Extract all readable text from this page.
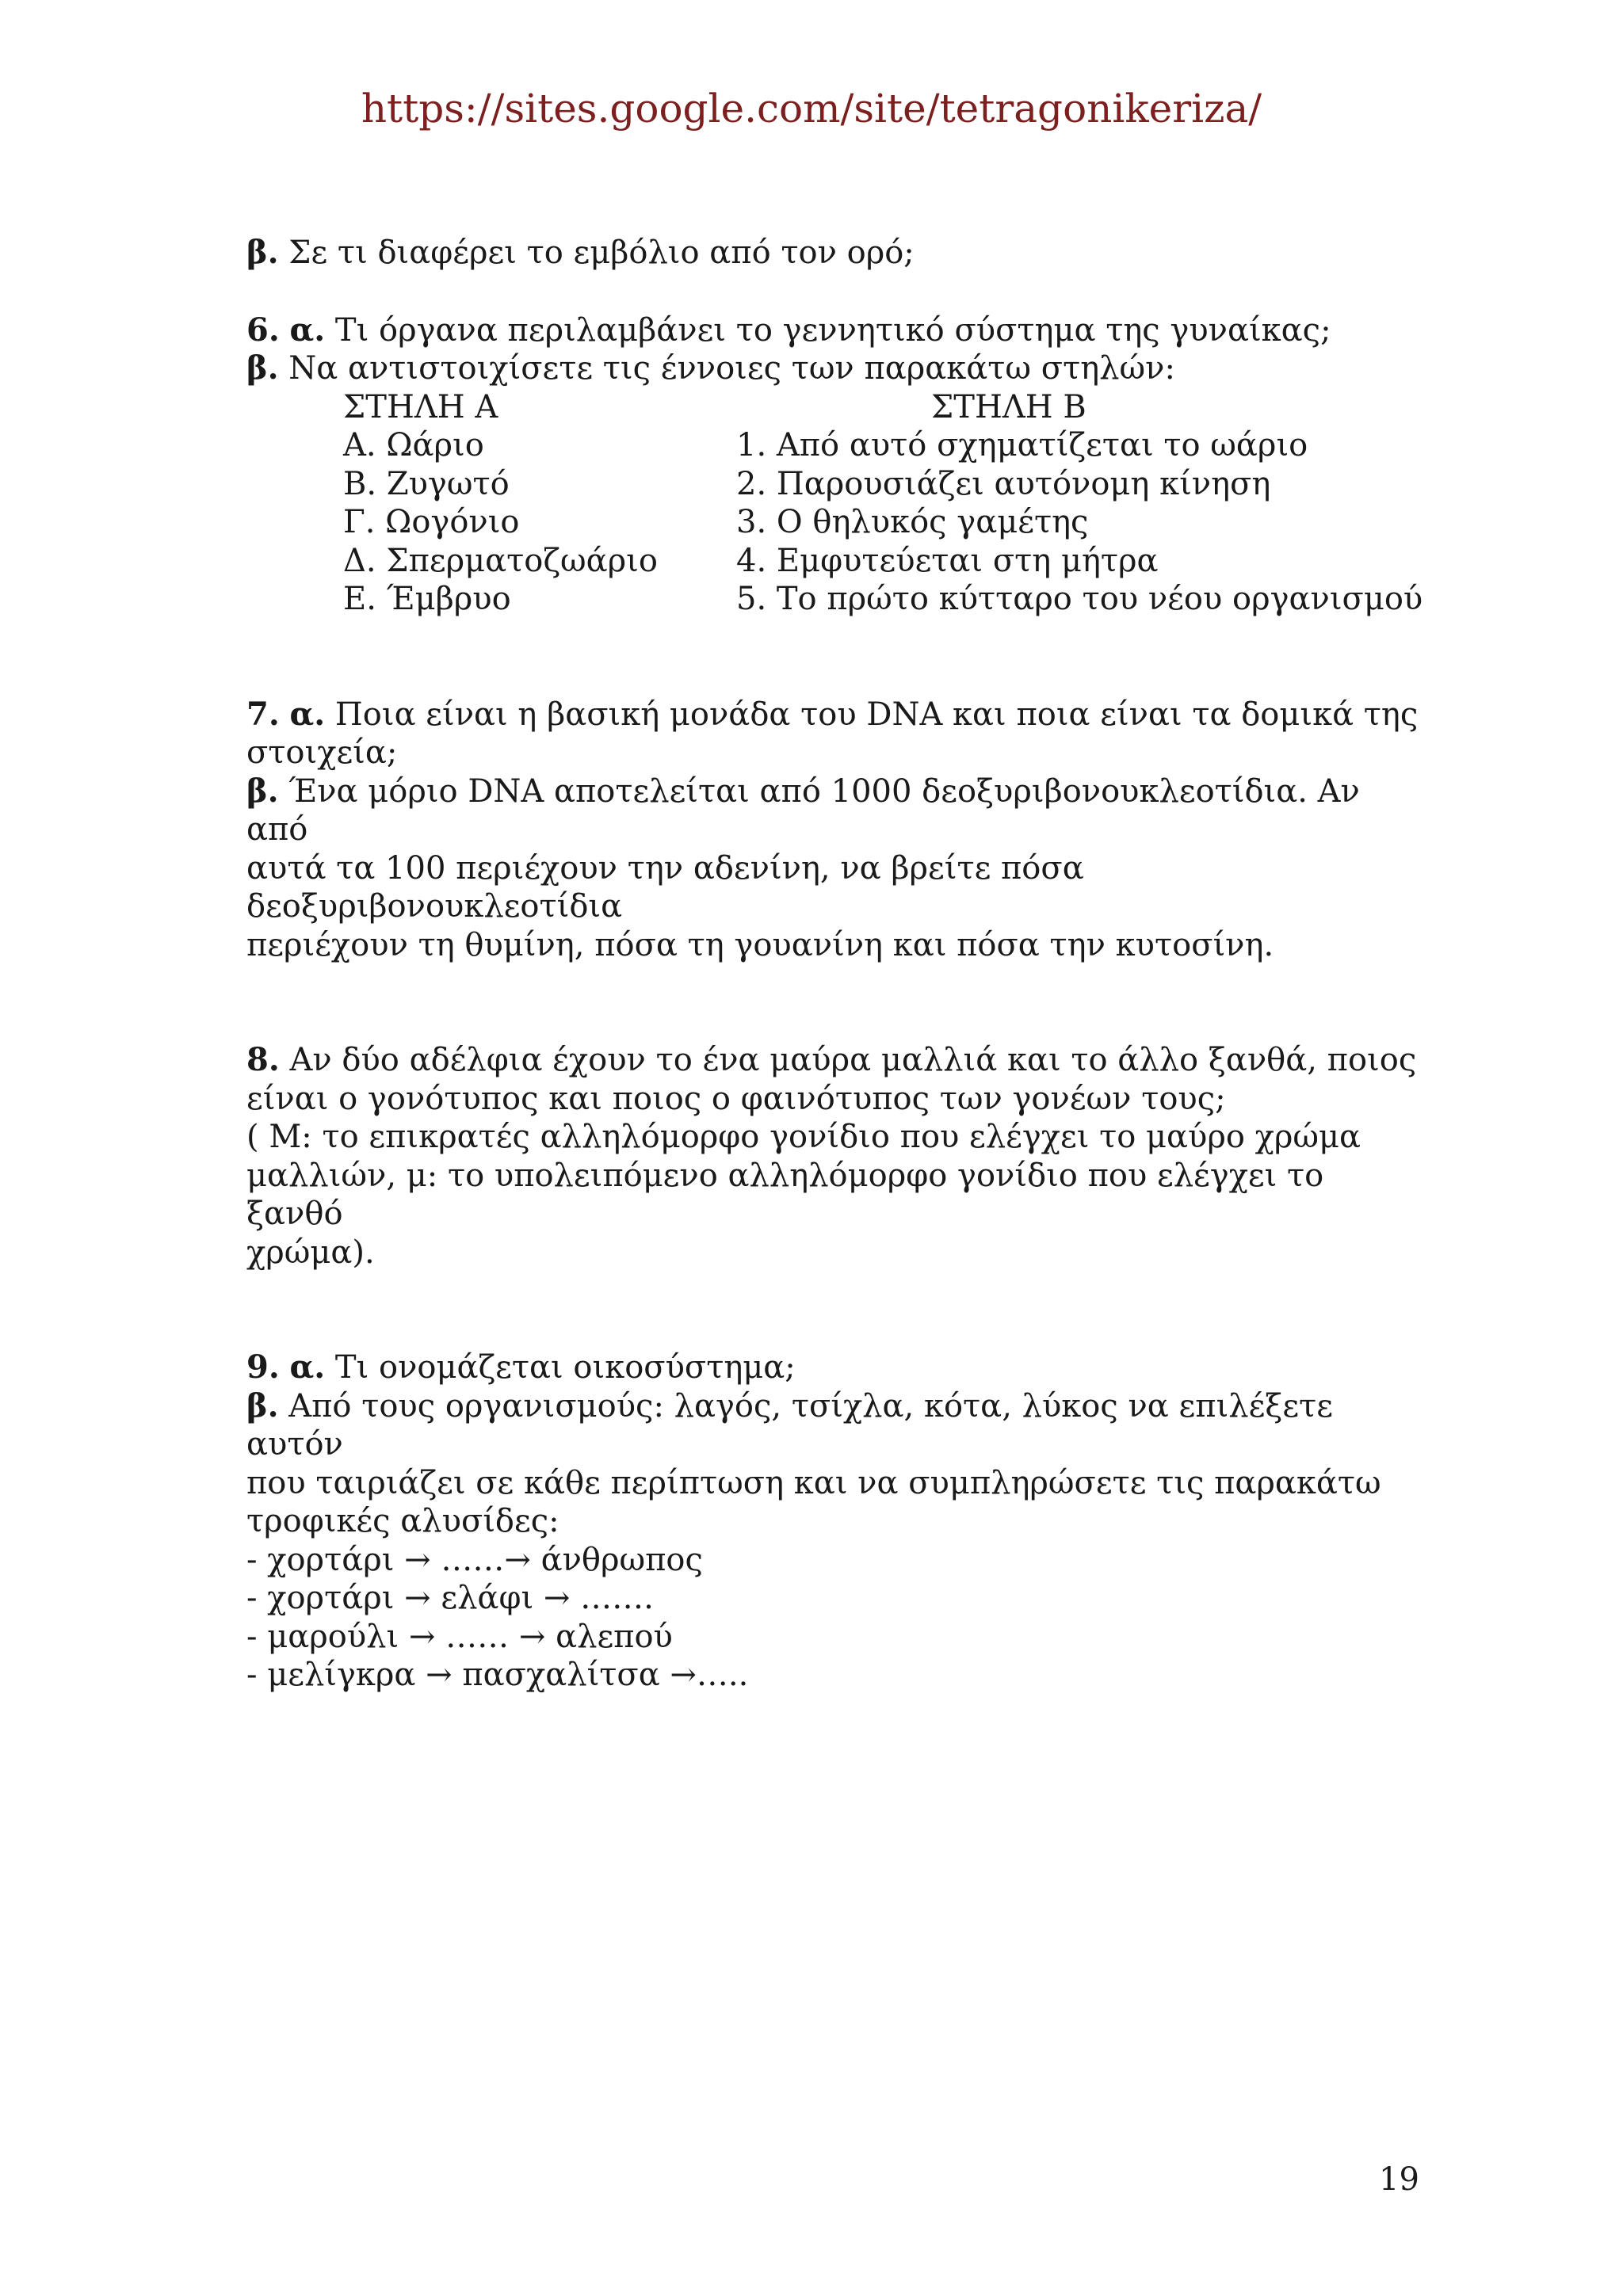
https://sites.google.com/site/tetragonikeriza/

β. Σε τι διαφέρει το εμβόλιο από τον ορό;

6. α. Τι όργανα περιλαμβάνει το γεννητικό σύστημα της γυναίκας;

β. Να αντιστοιχίσετε τις έννοιες των παρακάτω στηλών:

ΣΤΗΛΗ Α	ΣΤΗΛΗ Β
Α. Ωάριο	1. Από αυτό σχηματίζεται το ωάριο
Β. Ζυγωτό	2. Παρουσιάζει αυτόνομη κίνηση
Γ. Ωογόνιο	3. Ο θηλυκός γαμέτης
Δ. Σπερματοζωάριο	4. Εμφυτεύεται στη μήτρα
Ε. Έμβρυο	5. Το πρώτο κύτταρο του νέου οργανισμού

7. α. Ποια είναι η βασική μονάδα του DNA και ποια είναι τα δομικά της

στοιχεία;

β. Ένα μόριο DNA αποτελείται από 1000 δεοξυριβονουκλεοτίδια. Αν από

αυτά τα 100 περιέχουν την αδενίνη, να βρείτε πόσα δεοξυριβονουκλεοτίδια

περιέχουν τη θυμίνη, πόσα τη γουανίνη και πόσα την κυτοσίνη.

8. Αν δύο αδέλφια έχουν το ένα μαύρα μαλλιά και το άλλο ξανθά, ποιος

είναι ο γονότυπος και ποιος ο φαινότυπος των γονέων τους;

( Μ: το επικρατές αλληλόμορφο γονίδιο που ελέγχει το μαύρο χρώμα

μαλλιών, μ: το υπολειπόμενο αλληλόμορφο γονίδιο που ελέγχει το ξανθό

χρώμα).

9. α. Τι ονομάζεται οικοσύστημα;

β. Από τους οργανισμούς: λαγός, τσίχλα, κότα, λύκος να επιλέξετε αυτόν

που ταιριάζει σε κάθε περίπτωση και να συμπληρώσετε τις παρακάτω

τροφικές αλυσίδες:

- χορτάρι → ……→ άνθρωπος

- χορτάρι → ελάφι → …….

- μαρούλι → …… → αλεπού

- μελίγκρα → πασχαλίτσα →…..

19
